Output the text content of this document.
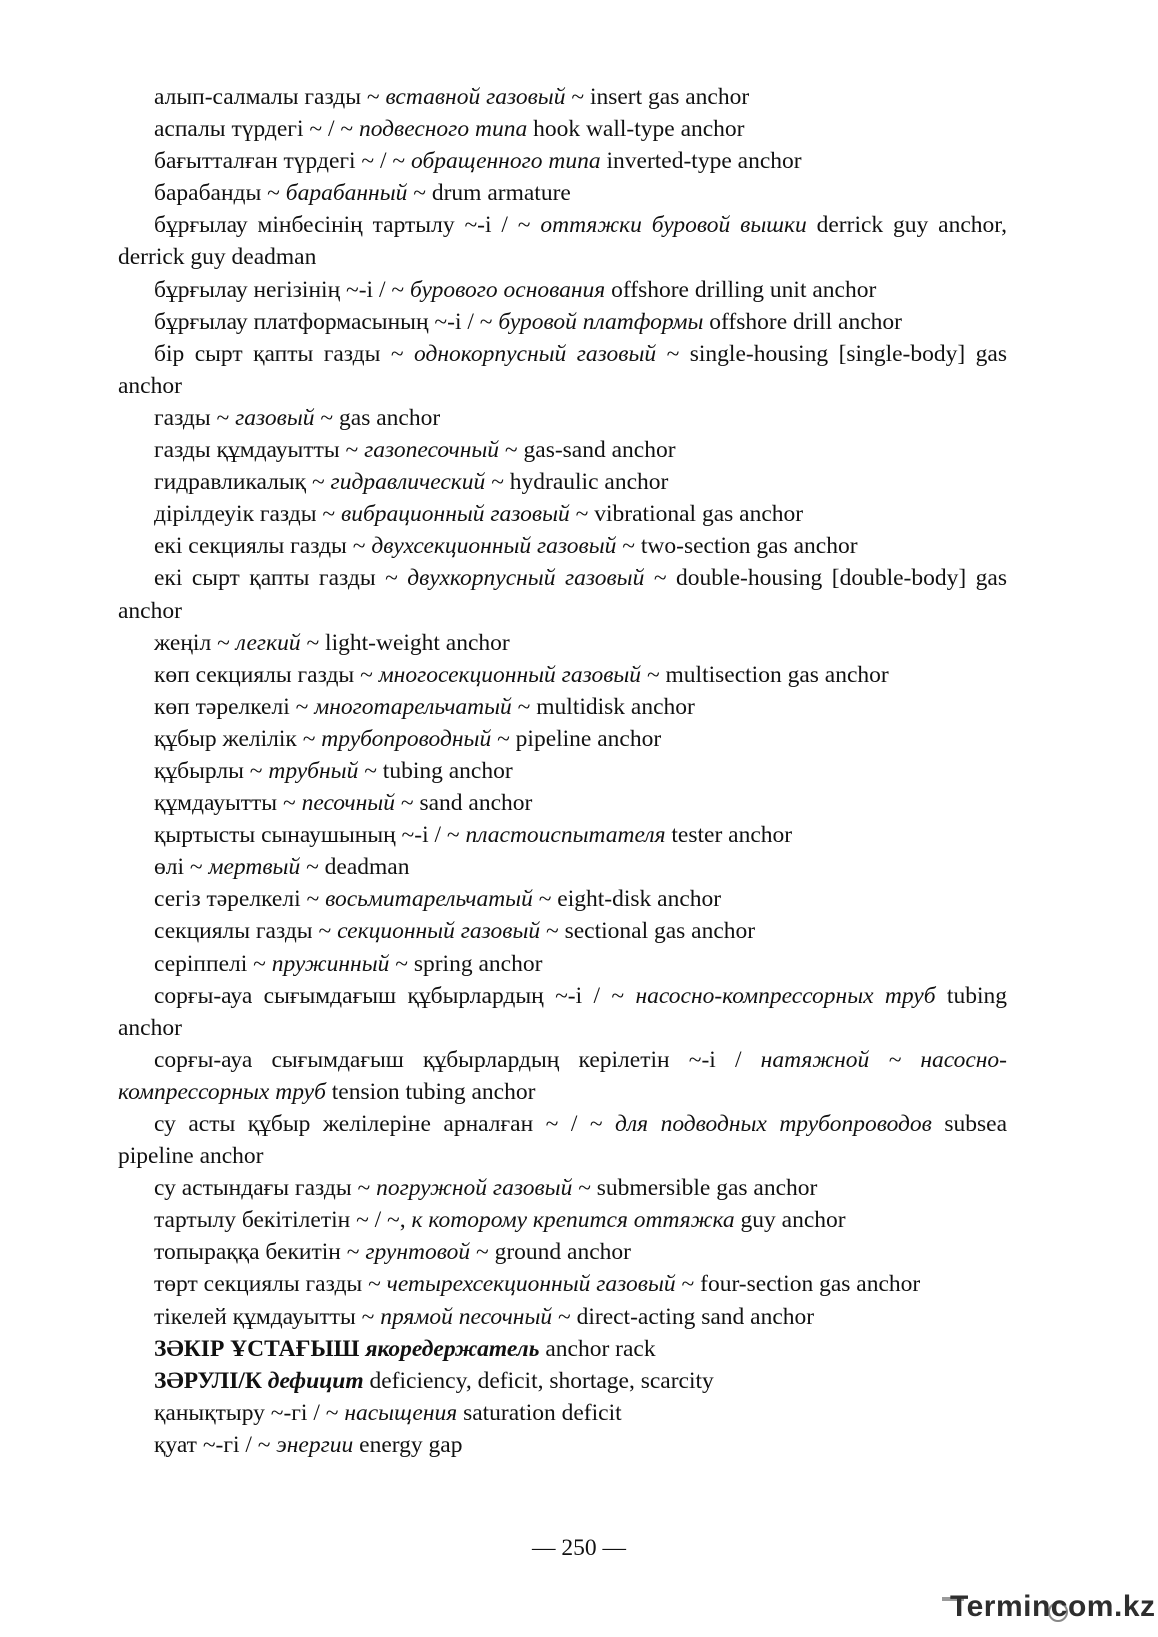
алып-салмалы газды ~ вставной газовый ~ insert gas anchor

аспалы түрдегі ~ / ~ подвесного типа hook wall-type anchor

бағытталған түрдегі ~ / ~ обращенного типа inverted-type anchor

барабанды ~ барабанный ~ drum armature

бұрғылау мінбесінің тартылу ~-і / ~ оттяжки буровой вышки derrick guy anchor, derrick guy deadman

бұрғылау негізінің ~-і / ~ бурового основания offshore drilling unit anchor

бұрғылау платформасының ~-і / ~ буровой платформы offshore drill anchor

бір сырт қапты газды ~ однокорпусный газовый ~ single-housing [single-body] gas anchor

газды ~ газовый ~ gas anchor

газды құмдауытты ~ газопесочный ~ gas-sand anchor

гидравликалық ~ гидравлический ~ hydraulic anchor

дірілдеуік газды ~ вибрационный газовый ~ vibrational gas anchor

екі секциялы газды ~ двухсекционный газовый ~ two-section gas anchor

екі сырт қапты газды ~ двухкорпусный газовый ~ double-housing [double-body] gas anchor

жеңіл ~ легкий ~ light-weight anchor

көп секциялы газды ~ многосекционный газовый ~ multisection gas anchor

көп тәрелкелі ~ многотарельчатый ~ multidisk anchor

құбыр желілік ~ трубопроводный ~ pipeline anchor

құбырлы ~ трубный ~ tubing anchor

құмдауытты ~ песочный ~ sand anchor

қыртысты сынаушының ~-і / ~ пластоиспытателя tester anchor

өлі ~ мертвый ~ deadman

сегіз тәрелкелі ~ восьмитарельчатый ~ eight-disk anchor

секциялы газды ~ секционный газовый ~ sectional gas anchor

серіппелі ~ пружинный ~ spring anchor

сорғы-ауа сығымдағыш құбырлардың ~-і / ~ насосно-компрессорных труб tubing anchor

сорғы-ауа сығымдағыш құбырлардың керілетін ~-і / натяжной ~ насосно-компрессорных труб tension tubing anchor

су асты құбыр желілеріне арналған ~ / ~ для подводных трубопроводов subsea pipeline anchor

су астындағы газды ~ погружной газовый ~ submersible gas anchor

тартылу бекітілетін ~ / ~, к которому крепится оттяжка guy anchor

топыраққа бекитін ~ грунтовой ~ ground anchor

төрт секциялы газды ~ четырехсекционный газовый ~ four-section gas anchor

тікелей құмдауытты ~ прямой песочный ~ direct-acting sand anchor

ЗӘКІР ҰСТАҒЫШ якоредержатель anchor rack

ЗӘРУЛІ/К дефицит deficiency, deficit, shortage, scarcity

қанықтыру ~-гі / ~ насыщения saturation deficit

қуат ~-гі / ~ энергии energy gap

— 250 —
Termincom.kz
